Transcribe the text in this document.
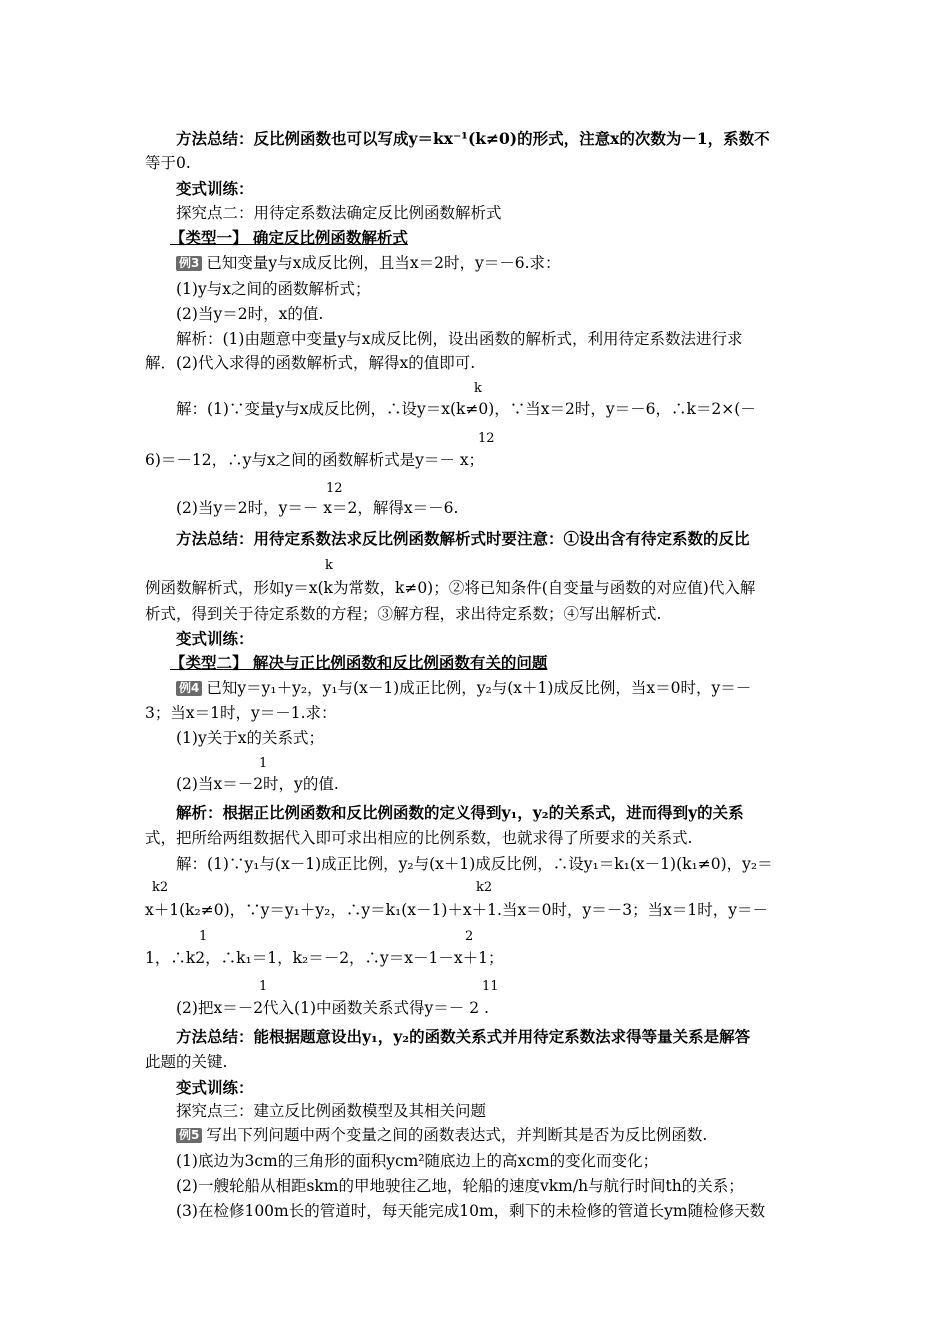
方法总结：反比例函数也可以写成y＝kx⁻¹(k≠0)的形式，注意x的次数为－1，系数不
等于0.
变式训练：
探究点二：用待定系数法确定反比例函数解析式
【类型一】 确定反比例函数解析式
例3 已知变量y与x成反比例，且当x＝2时，y＝－6.求：
(1)y与x之间的函数解析式；
(2)当y＝2时，x的值.
解析：(1)由题意中变量y与x成反比例，设出函数的解析式，利用待定系数法进行求
解．(2)代入求得的函数解析式，解得x的值即可.
k
解：(1)∵变量y与x成反比例，∴设y＝x(k≠0)，∵当x＝2时，y＝－6，∴k＝2×(－
12
6)＝－12，∴y与x之间的函数解析式是y＝－ x；
12
(2)当y＝2时，y＝－ x＝2，解得x＝－6.
方法总结：用待定系数法求反比例函数解析式时要注意：①设出含有待定系数的反比
k
例函数解析式，形如y＝x(k为常数，k≠0)；②将已知条件(自变量与函数的对应值)代入解
析式，得到关于待定系数的方程；③解方程，求出待定系数；④写出解析式.
变式训练：
【类型二】 解决与正比例函数和反比例函数有关的问题
例4 已知y＝y₁＋y₂，y₁与(x－1)成正比例，y₂与(x＋1)成反比例，当x＝0时，y＝－
3；当x＝1时，y＝－1.求：
(1)y关于x的关系式；
1
(2)当x＝－2时，y的值.
解析：根据正比例函数和反比例函数的定义得到y₁，y₂的关系式，进而得到y的关系
式，把所给两组数据代入即可求出相应的比例系数，也就求得了所要求的关系式.
解：(1)∵y₁与(x－1)成正比例，y₂与(x＋1)成反比例，∴设y₁＝k₁(x－1)(k₁≠0)，y₂＝
k2	k2
x＋1(k₂≠0)，∵y＝y₁＋y₂，∴y＝k₁(x－1)＋x＋1.当x＝0时，y＝－3；当x＝1时，y＝－
1	2
1，∴k2，∴k₁＝1，k₂＝－2，∴y＝x－1－x＋1；
1	11
(2)把x＝－2代入(1)中函数关系式得y＝－ 2 .
方法总结：能根据题意设出y₁，y₂的函数关系式并用待定系数法求得等量关系是解答
此题的关键.
变式训练：
探究点三：建立反比例函数模型及其相关问题
例5 写出下列问题中两个变量之间的函数表达式，并判断其是否为反比例函数.
(1)底边为3cm的三角形的面积ycm²随底边上的高xcm的变化而变化；
(2)一艘轮船从相距skm的甲地驶往乙地，轮船的速度vkm/h与航行时间th的关系；
(3)在检修100m长的管道时，每天能完成10m，剩下的未检修的管道长ym随检修天数
